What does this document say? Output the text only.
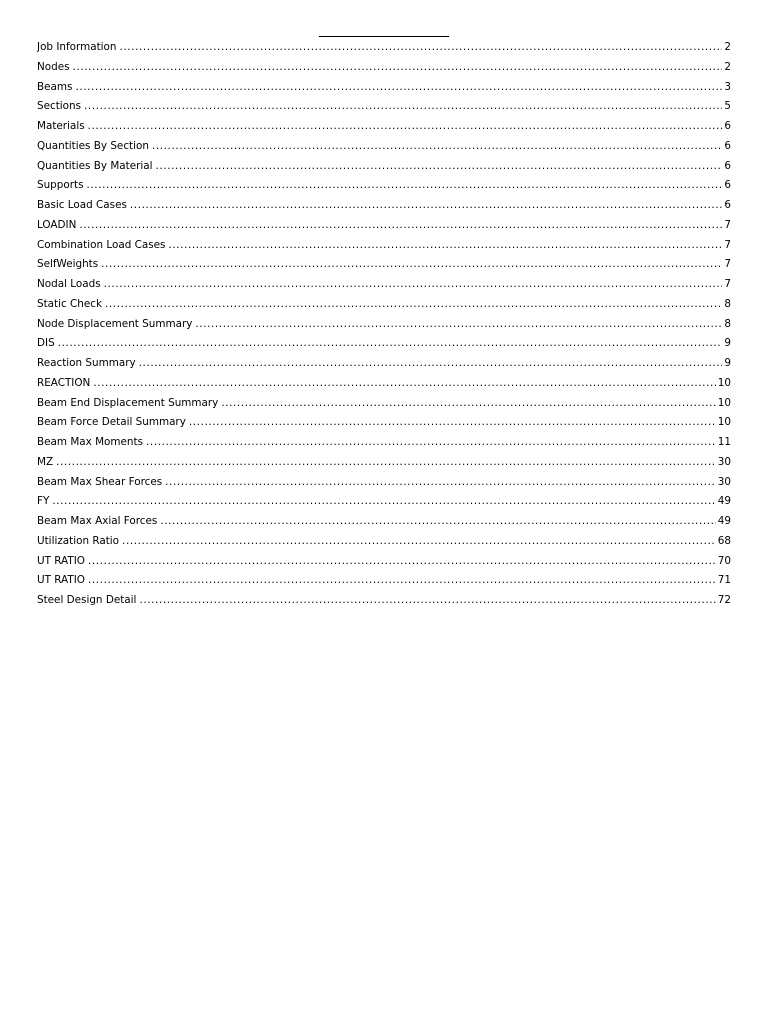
Job Information .....	2
Nodes .....	2
Beams .....	3
Sections .....	5
Materials .....	6
Quantities By Section .....	6
Quantities By Material .....	6
Supports .....	6
Basic Load Cases .....	6
LOADIN .....	7
Combination Load Cases .....	7
SelfWeights .....	7
Nodal Loads .....	7
Static Check .....	8
Node Displacement Summary .....	8
DIS .....	9
Reaction Summary .....	9
REACTION .....	10
Beam End Displacement Summary .....	10
Beam Force Detail Summary .....	10
Beam Max Moments .....	11
MZ .....	30
Beam Max Shear Forces .....	30
FY .....	49
Beam Max Axial Forces .....	49
Utilization Ratio .....	68
UT RATIO .....	70
UT RATIO .....	71
Steel Design Detail .....	72
